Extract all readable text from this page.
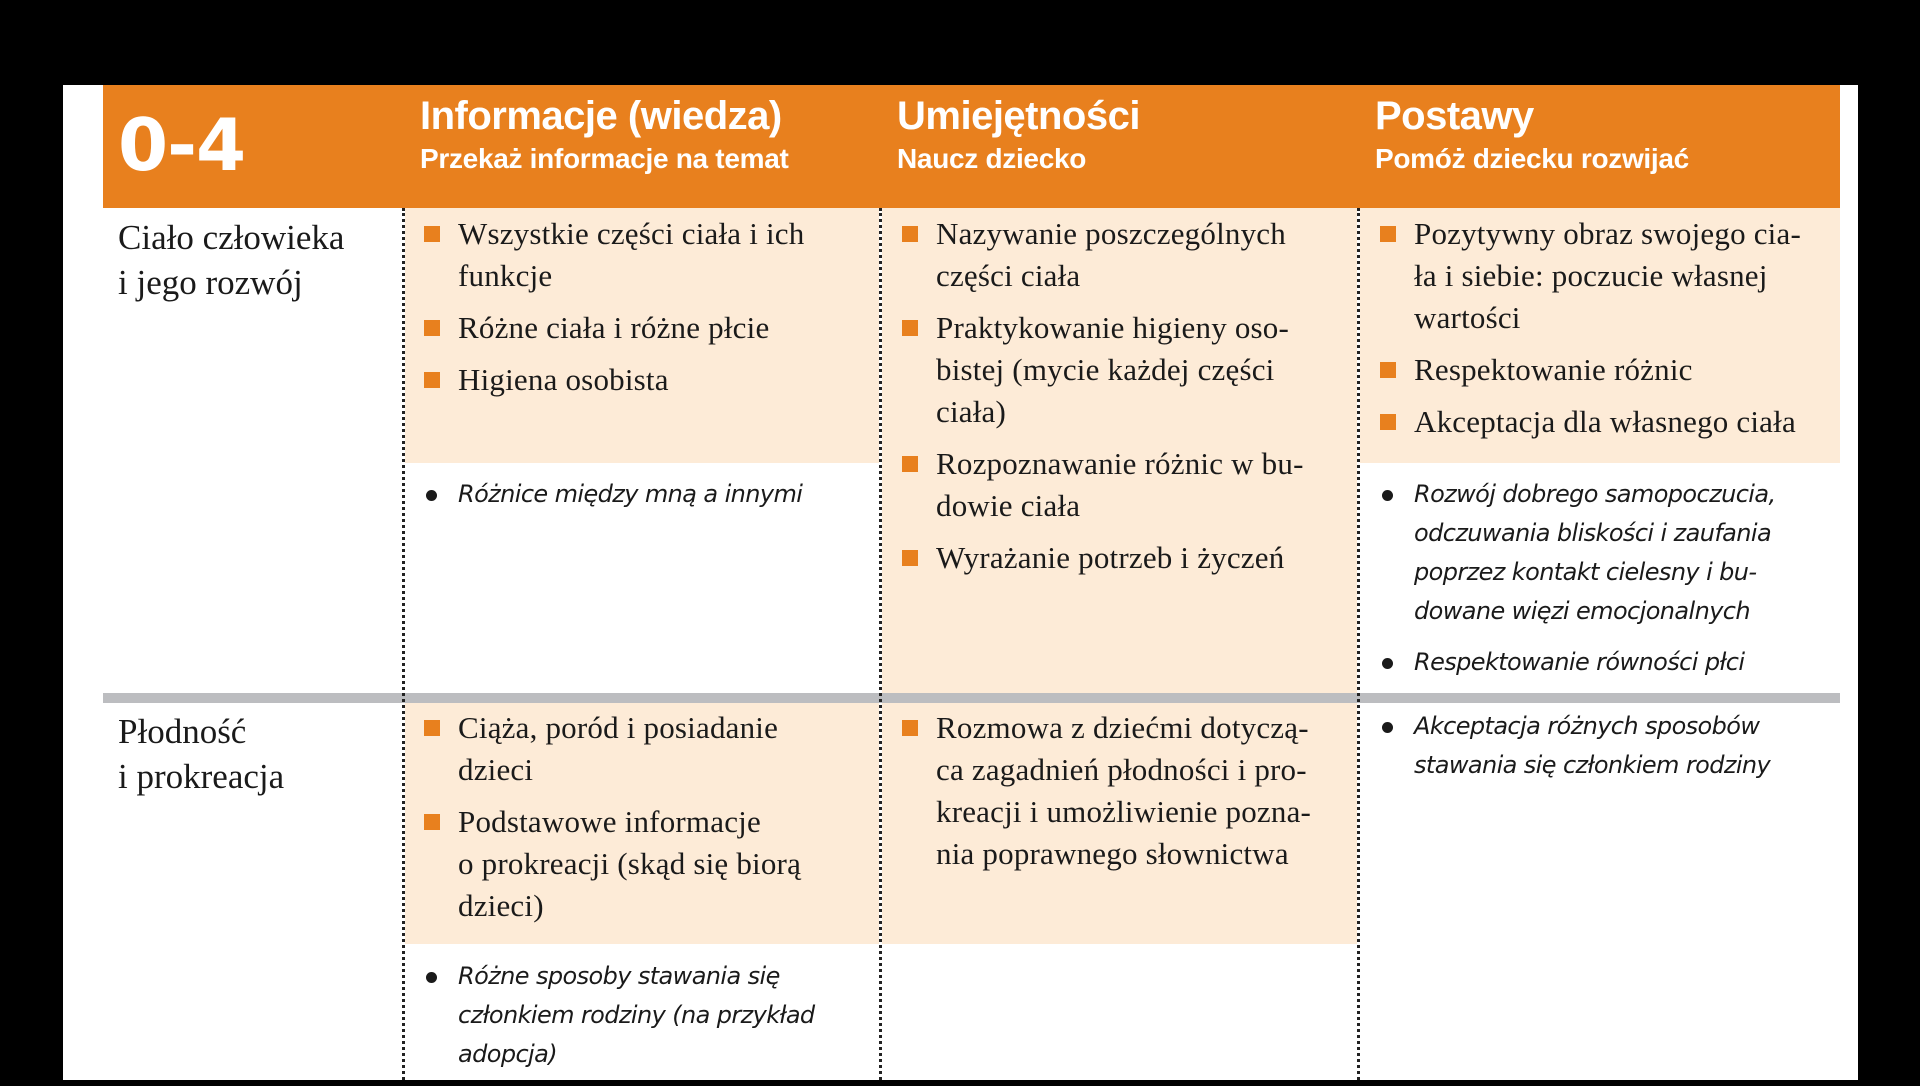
0-4	Informacje (wiedza)
Przekaż informacje na temat
Umiejętności
Naucz dziecko
Postawy
Pomóż dziecku rozwijać
Ciało człowieka
i jego rozwój
Płodność
i prokreacja
Wszystkie części ciała i ich
funkcje
Różne ciała i różne płcie
Higiena osobista
Różnice między mną a innymi
Nazywanie poszczególnych
części ciała
Praktykowanie higieny oso-
bistej (mycie każdej części
ciała)
Rozpoznawanie różnic w bu-
dowie ciała
Wyrażanie potrzeb i życzeń
Pozytywny obraz swojego cia-
ła i siebie: poczucie własnej
wartości
Respektowanie różnic
Akceptacja dla własnego ciała
Rozwój dobrego samopoczucia,
odczuwania bliskości i zaufania
poprzez kontakt cielesny i bu-
dowane więzi emocjonalnych
Respektowanie równości płci
Ciąża, poród i posiadanie
dzieci
Podstawowe informacje
o prokreacji (skąd się biorą
dzieci)
Różne sposoby stawania się
członkiem rodziny (na przykład
adopcja)
Rozmowa z dziećmi dotyczą-
ca zagadnień płodności i pro-
kreacji i umożliwienie pozna-
nia poprawnego słownictwa
Akceptacja różnych sposobów
stawania się członkiem rodziny
